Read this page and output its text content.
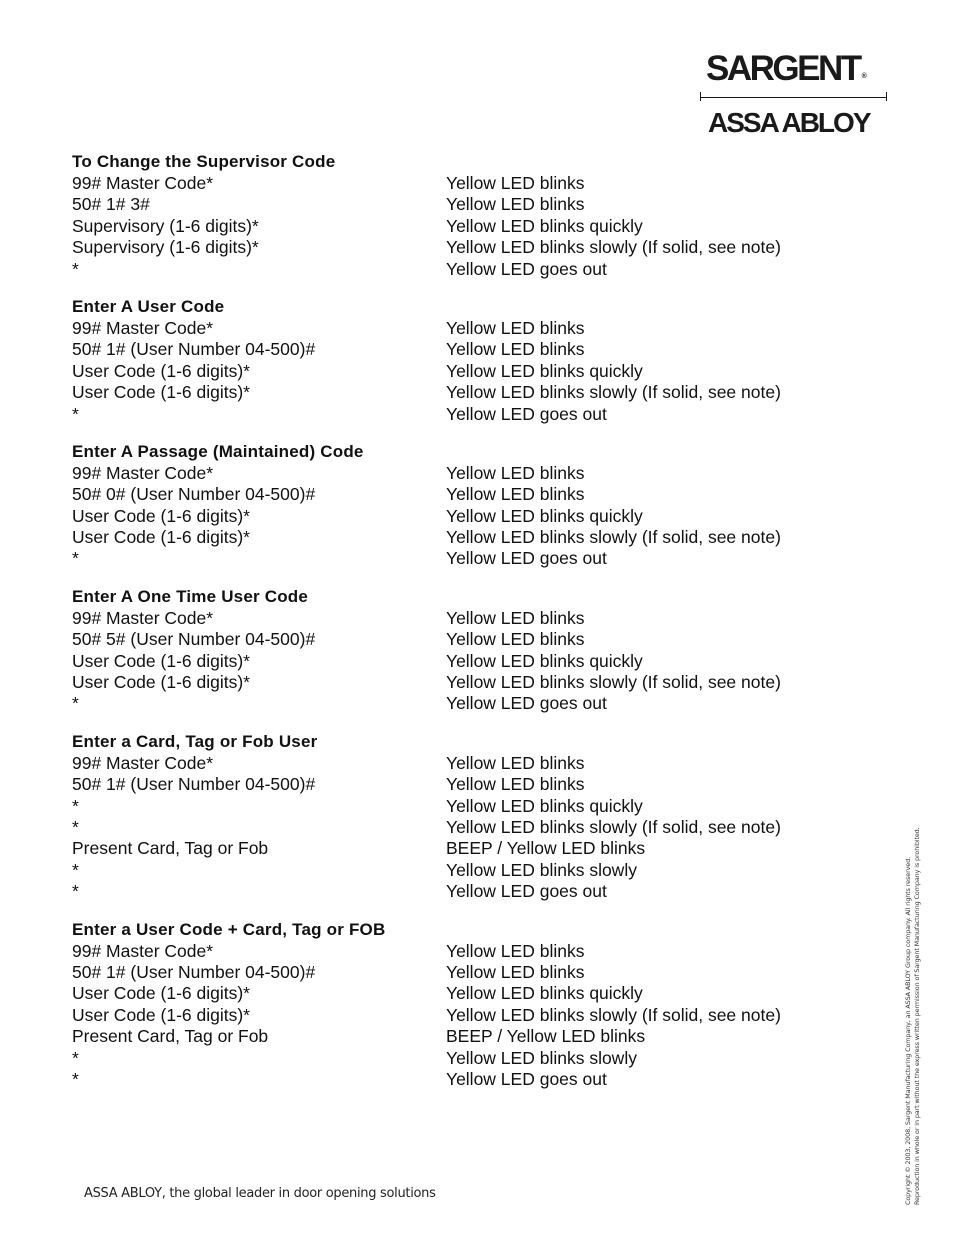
SARGENT ®
ASSA ABLOY
To Change the Supervisor Code
99# Master Code*	Yellow LED blinks
50# 1# 3#	Yellow LED blinks
Supervisory (1-6 digits)*	Yellow LED blinks quickly
Supervisory (1-6 digits)*	Yellow LED blinks slowly (If solid, see note)
*	Yellow LED goes out
Enter A User Code
99# Master Code*	Yellow LED blinks
50# 1# (User Number 04-500)#	Yellow LED blinks
User Code (1-6 digits)*	Yellow LED blinks quickly
User Code (1-6 digits)*	Yellow LED blinks slowly (If solid, see note)
*	Yellow LED goes out
Enter A Passage (Maintained) Code
99# Master Code*	Yellow LED blinks
50# 0# (User Number 04-500)#	Yellow LED blinks
User Code (1-6 digits)*	Yellow LED blinks quickly
User Code (1-6 digits)*	Yellow LED blinks slowly (If solid, see note)
*	Yellow LED goes out
Enter A One Time User Code
99# Master Code*	Yellow LED blinks
50# 5# (User Number 04-500)#	Yellow LED blinks
User Code (1-6 digits)*	Yellow LED blinks quickly
User Code (1-6 digits)*	Yellow LED blinks slowly (If solid, see note)
*	Yellow LED goes out
Enter a Card, Tag or Fob User
99# Master Code*	Yellow LED blinks
50# 1# (User Number 04-500)#	Yellow LED blinks
*	Yellow LED blinks quickly
*	Yellow LED blinks slowly (If solid, see note)
Present Card, Tag or Fob	BEEP / Yellow LED blinks
*	Yellow LED blinks slowly
*	Yellow LED goes out
Enter a User Code + Card, Tag or FOB
99# Master Code*	Yellow LED blinks
50# 1# (User Number 04-500)#	Yellow LED blinks
User Code (1-6 digits)*	Yellow LED blinks quickly
User Code (1-6 digits)*	Yellow LED blinks slowly (If solid, see note)
Present Card, Tag or Fob	BEEP / Yellow LED blinks
*	Yellow LED blinks slowly
*	Yellow LED goes out
ASSA ABLOY, the global leader in door opening solutions	Copyright © 2003, 2008, Sargent Manufacturing Company, an ASSA ABLOY Group company. All rights reserved. Reproduction in whole or in part without the express written permission of Sargent Manufacturing Company is prohibited.
